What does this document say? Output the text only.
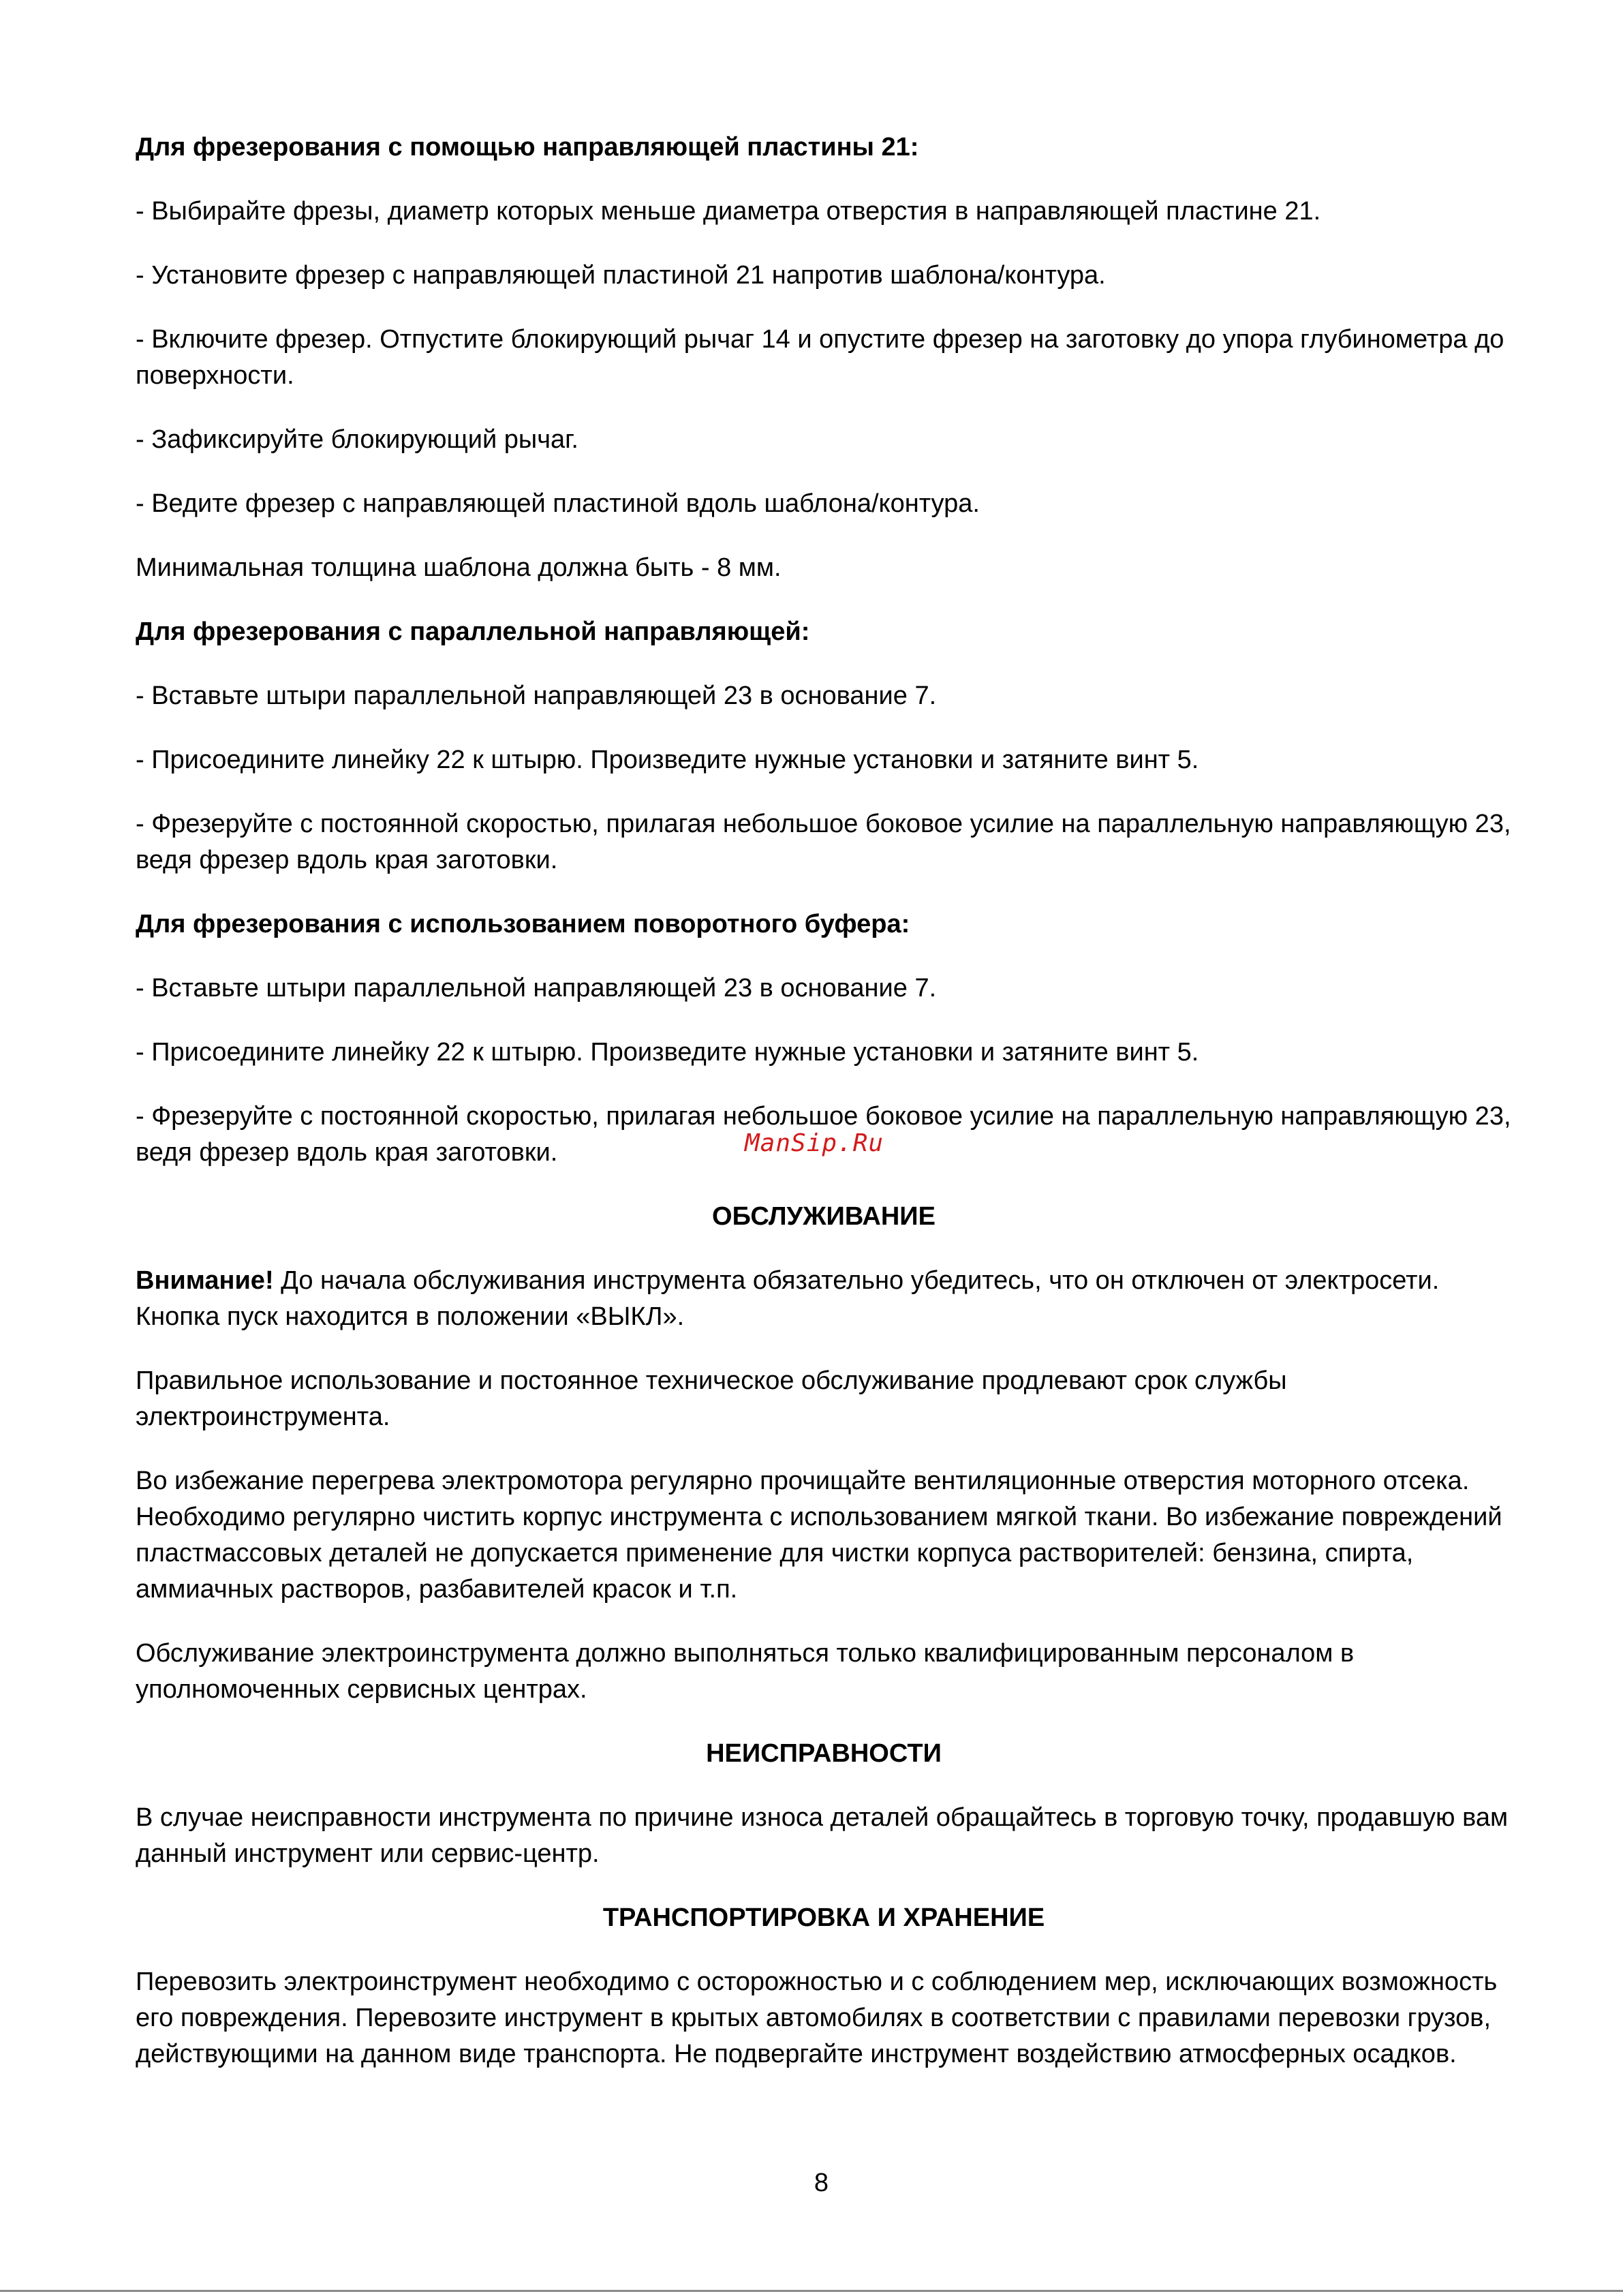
Для фрезерования с помощью направляющей пластины 21:

- Выбирайте фрезы, диаметр которых меньше диаметра отверстия в направляющей пластине 21.

- Установите фрезер с направляющей пластиной 21 напротив шаблона/контура.

- Включите фрезер. Отпустите блокирующий рычаг 14 и опустите фрезер на заготовку до упора глубинометра до поверхности.

- Зафиксируйте блокирующий рычаг.

- Ведите фрезер с направляющей пластиной вдоль шаблона/контура.

Минимальная толщина шаблона должна быть - 8 мм.

Для фрезерования с параллельной направляющей:

- Вставьте штыри параллельной направляющей 23 в основание 7.

- Присоедините линейку 22 к штырю. Произведите нужные установки и затяните винт 5.

- Фрезеруйте с постоянной скоростью, прилагая небольшое боковое усилие на параллельную направляющую 23, ведя фрезер вдоль края заготовки.

Для фрезерования с использованием поворотного буфера:

- Вставьте штыри параллельной направляющей 23 в основание 7.

- Присоедините линейку 22 к штырю. Произведите нужные установки и затяните винт 5.

- Фрезеруйте с постоянной скоростью, прилагая небольшое боковое усилие на параллельную направляющую 23, ведя фрезер вдоль края заготовки.

ОБСЛУЖИВАНИЕ

Внимание! До начала обслуживания инструмента обязательно убедитесь, что он отключен от электросети. Кнопка пуск находится в положении «ВЫКЛ».

Правильное использование и постоянное техническое обслуживание продлевают срок службы электроинструмента.

Во избежание перегрева электромотора регулярно прочищайте вентиляционные отверстия моторного отсека. Необходимо регулярно чистить корпус инструмента с использованием мягкой ткани. Во избежание повреждений пластмассовых деталей не допускается применение для чистки корпуса растворителей: бензина, спирта, аммиачных растворов, разбавителей красок и т.п.

Обслуживание электроинструмента должно выполняться только квалифицированным персоналом в уполномоченных сервисных центрах.

НЕИСПРАВНОСТИ

В случае неисправности инструмента по причине износа деталей обращайтесь в торговую точку, продавшую вам данный инструмент или сервис-центр.

ТРАНСПОРТИРОВКА И ХРАНЕНИЕ

Перевозить электроинструмент необходимо с осторожностью и с соблюдением мер, исключающих возможность его повреждения. Перевозите инструмент в крытых автомобилях в соответствии с правилами перевозки грузов, действующими на данном виде транспорта. Не подвергайте инструмент воздействию атмосферных осадков.

ManSip.Ru
8
